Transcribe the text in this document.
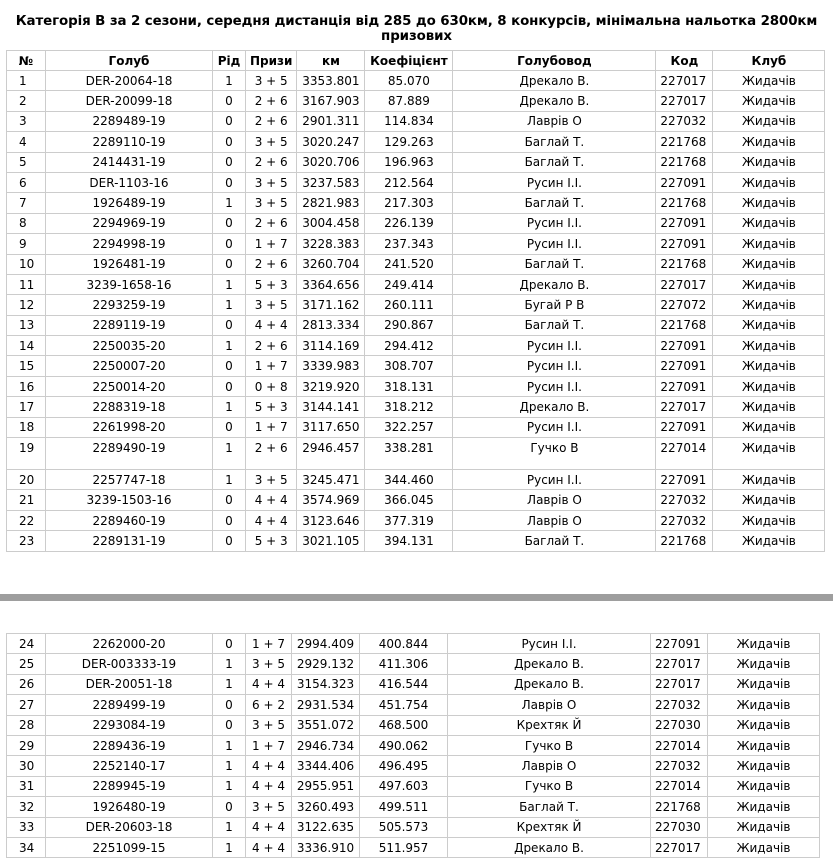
Категорія В за 2 сезони, середня дистанція від 285 до 630км, 8 конкурсів, мінімальна нальотка 2800км призових
№	Голуб	Рід	Призи	км	Коефіцієнт	Голубовод	Код	Клуб
1	DER-20064-18	1	3 + 5	3353.801	85.070	Дрекало В.	227017	Жидачів
2	DER-20099-18	0	2 + 6	3167.903	87.889	Дрекало В.	227017	Жидачів
3	2289489-19	0	2 + 6	2901.311	114.834	Лаврів О	227032	Жидачів
4	2289110-19	0	3 + 5	3020.247	129.263	Баглай Т.	221768	Жидачів
5	2414431-19	0	2 + 6	3020.706	196.963	Баглай Т.	221768	Жидачів
6	DER-1103-16	0	3 + 5	3237.583	212.564	Русин І.І.	227091	Жидачів
7	1926489-19	1	3 + 5	2821.983	217.303	Баглай Т.	221768	Жидачів
8	2294969-19	0	2 + 6	3004.458	226.139	Русин І.І.	227091	Жидачів
9	2294998-19	0	1 + 7	3228.383	237.343	Русин І.І.	227091	Жидачів
10	1926481-19	0	2 + 6	3260.704	241.520	Баглай Т.	221768	Жидачів
11	3239-1658-16	1	5 + 3	3364.656	249.414	Дрекало В.	227017	Жидачів
12	2293259-19	1	3 + 5	3171.162	260.111	Бугай Р В	227072	Жидачів
13	2289119-19	0	4 + 4	2813.334	290.867	Баглай Т.	221768	Жидачів
14	2250035-20	1	2 + 6	3114.169	294.412	Русин І.І.	227091	Жидачів
15	2250007-20	0	1 + 7	3339.983	308.707	Русин І.І.	227091	Жидачів
16	2250014-20	0	0 + 8	3219.920	318.131	Русин І.І.	227091	Жидачів
17	2288319-18	1	5 + 3	3144.141	318.212	Дрекало В.	227017	Жидачів
18	2261998-20	0	1 + 7	3117.650	322.257	Русин І.І.	227091	Жидачів
19	2289490-19	1	2 + 6	2946.457	338.281	Гучко В	227014	Жидачів
20	2257747-18	1	3 + 5	3245.471	344.460	Русин І.І.	227091	Жидачів
21	3239-1503-16	0	4 + 4	3574.969	366.045	Лаврів О	227032	Жидачів
22	2289460-19	0	4 + 4	3123.646	377.319	Лаврів О	227032	Жидачів
23	2289131-19	0	5 + 3	3021.105	394.131	Баглай Т.	221768	Жидачів
24	2262000-20	0	1 + 7	2994.409	400.844	Русин І.І.	227091	Жидачів
25	DER-003333-19	1	3 + 5	2929.132	411.306	Дрекало В.	227017	Жидачів
26	DER-20051-18	1	4 + 4	3154.323	416.544	Дрекало В.	227017	Жидачів
27	2289499-19	0	6 + 2	2931.534	451.754	Лаврів О	227032	Жидачів
28	2293084-19	0	3 + 5	3551.072	468.500	Крехтяк Й	227030	Жидачів
29	2289436-19	1	1 + 7	2946.734	490.062	Гучко В	227014	Жидачів
30	2252140-17	1	4 + 4	3344.406	496.495	Лаврів О	227032	Жидачів
31	2289945-19	1	4 + 4	2955.951	497.603	Гучко В	227014	Жидачів
32	1926480-19	0	3 + 5	3260.493	499.511	Баглай Т.	221768	Жидачів
33	DER-20603-18	1	4 + 4	3122.635	505.573	Крехтяк Й	227030	Жидачів
34	2251099-15	1	4 + 4	3336.910	511.957	Дрекало В.	227017	Жидачів
